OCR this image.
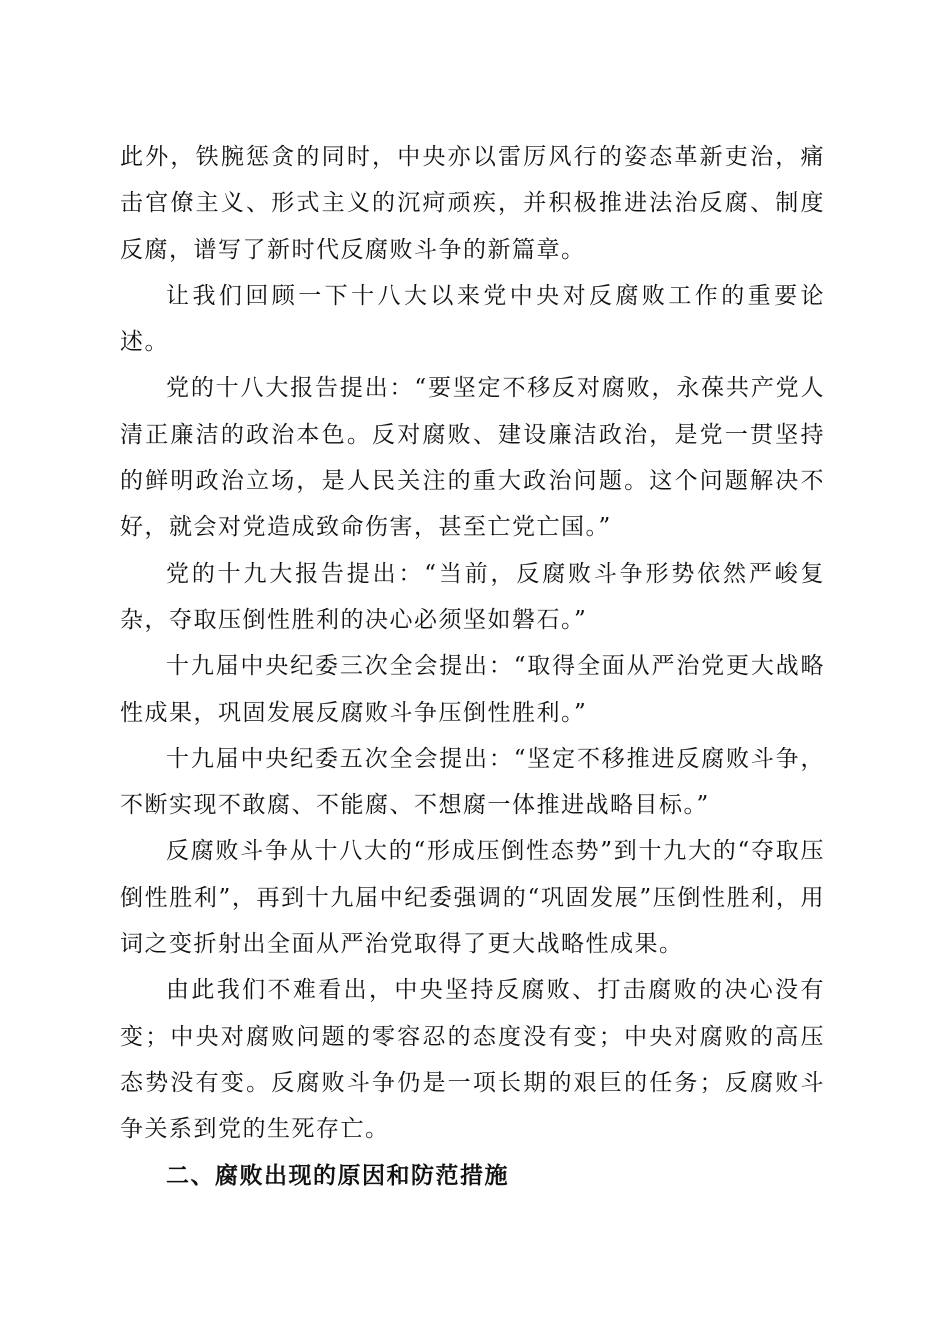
此外，铁腕惩贪的同时，中央亦以雷厉风行的姿态革新吏治，痛击官僚主义、形式主义的沉疴顽疾，并积极推进法治反腐、制度反腐，谱写了新时代反腐败斗争的新篇章。

让我们回顾一下十八大以来党中央对反腐败工作的重要论述。

党的十八大报告提出：“要坚定不移反对腐败，永葆共产党人清正廉洁的政治本色。反对腐败、建设廉洁政治，是党一贯坚持的鲜明政治立场，是人民关注的重大政治问题。这个问题解决不好，就会对党造成致命伤害，甚至亡党亡国。”

党的十九大报告提出：“当前，反腐败斗争形势依然严峻复杂，夺取压倒性胜利的决心必须坚如磐石。”

十九届中央纪委三次全会提出：“取得全面从严治党更大战略性成果，巩固发展反腐败斗争压倒性胜利。”

十九届中央纪委五次全会提出：“坚定不移推进反腐败斗争，不断实现不敢腐、不能腐、不想腐一体推进战略目标。”

反腐败斗争从十八大的“形成压倒性态势”到十九大的“夺取压倒性胜利”，再到十九届中纪委强调的“巩固发展”压倒性胜利，用词之变折射出全面从严治党取得了更大战略性成果。

由此我们不难看出，中央坚持反腐败、打击腐败的决心没有变；中央对腐败问题的零容忍的态度没有变；中央对腐败的高压态势没有变。反腐败斗争仍是一项长期的艰巨的任务；反腐败斗争关系到党的生死存亡。

二、腐败出现的原因和防范措施
